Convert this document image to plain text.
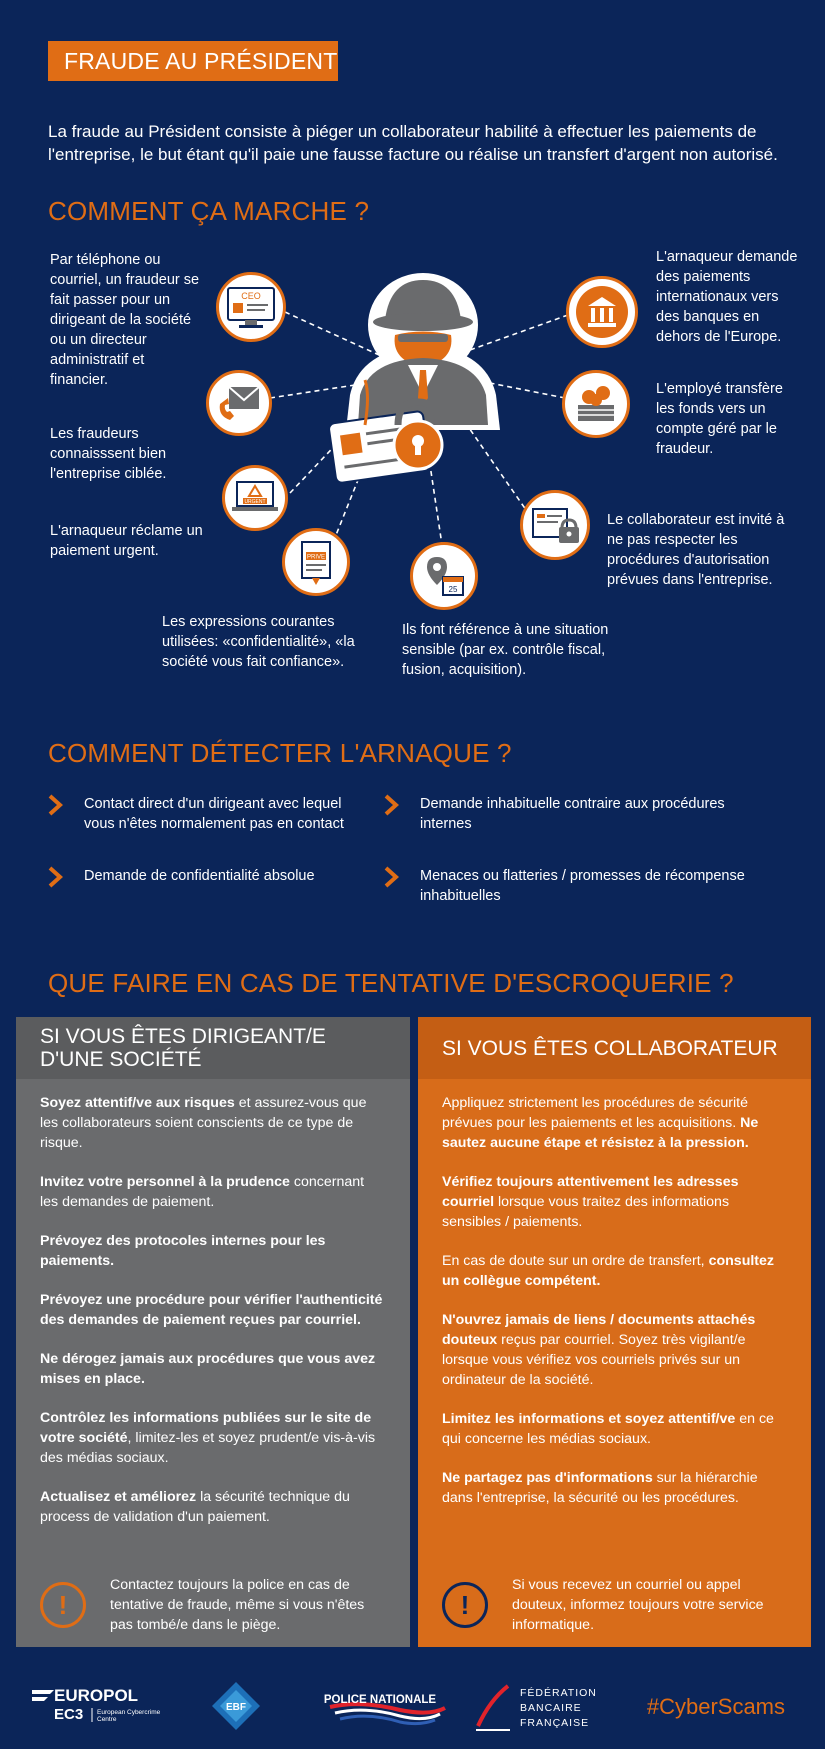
FRAUDE AU PRÉSIDENT

La fraude au Président consiste à piéger un collaborateur habilité à effectuer les paiements de l'entreprise, le but étant qu'il paie une fausse facture ou réalise un transfert d'argent non autorisé.

COMMENT ÇA MARCHE ?
CEO
URGENT
PRIVE
25

Par téléphone ou courriel, un fraudeur se fait passer pour un dirigeant de la société ou un directeur administratif et financier.

Les fraudeurs connaisssent bien l'entreprise ciblée.

L'arnaqueur réclame un paiement urgent.

Les expressions courantes utilisées: «confidentialité», «la société vous fait confiance».

Ils font référence à une situation sensible (par ex. contrôle fiscal, fusion, acquisition).

L'arnaqueur demande des paiements internationaux vers des banques en dehors de l'Europe.

L'employé transfère les fonds vers un compte géré par le fraudeur.

Le collaborateur est invité à ne pas respecter les procédures d'autorisation prévues dans l'entreprise.

COMMENT DÉTECTER L'ARNAQUE ?
Contact direct d'un dirigeant avec lequel vous n'êtes normalement pas en contact
Demande inhabituelle contraire aux procédures internes
Demande de confidentialité absolue	Menaces ou flatteries / promesses de récompense inhabituelles
QUE FAIRE EN CAS DE TENTATIVE D'ESCROQUERIE ?
SI VOUS ÊTES DIRIGEANT/E
D'UNE SOCIÉTÉ

Soyez attentif/ve aux risques et assurez-vous que les collaborateurs soient conscients de ce type de risque.

Invitez votre personnel à la prudence concernant les demandes de paiement.

Prévoyez des protocoles internes pour les paiements.

Prévoyez une procédure pour vérifier l'authenticité des demandes de paiement reçues par courriel.

Ne dérogez jamais aux procédures que vous avez mises en place.

Contrôlez les informations publiées sur le site de votre société, limitez-les et soyez prudent/e vis-à-vis des médias sociaux.

Actualisez et améliorez la sécurité technique du process de validation d'un paiement.

!
Contactez toujours la police en cas de tentative de fraude, même si vous n'êtes pas tombé/e dans le piège.
SI VOUS ÊTES COLLABORATEUR

Appliquez strictement les procédures de sécurité prévues pour les paiements et les acquisitions. Ne sautez aucune étape et résistez à la pression.

Vérifiez toujours attentivement les adresses courriel lorsque vous traitez des informations sensibles / paiements.

En cas de doute sur un ordre de transfert, consultez un collègue compétent.

N'ouvrez jamais de liens / documents attachés douteux reçus par courriel. Soyez très vigilant/e lorsque vous vérifiez vos courriels privés sur un ordinateur de la société.

Limitez les informations et soyez attentif/ve en ce qui concerne les médias sociaux.

Ne partagez pas d'informations sur la hiérarchie dans l'entreprise, la sécurité ou les procédures.

!
Si vous recevez un courriel ou appel douteux, informez toujours votre service informatique.
EUROPOL
EC3 European Cybercrime
Centre
EBF
POLICE NATIONALE
FÉDÉRATION
BANCAIRE
FRANÇAISE
#CyberScams
